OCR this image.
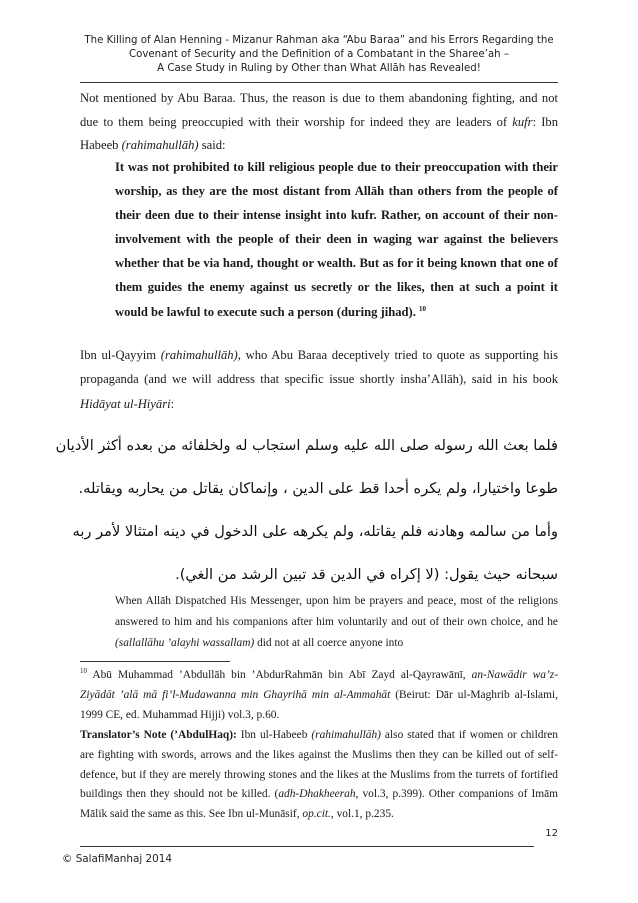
The Killing of Alan Henning - Mizanur Rahman aka “Abu Baraa” and his Errors Regarding the
Covenant of Security and the Definition of a Combatant in the Sharee’ah –
A Case Study in Ruling by Other than What Allāh has Revealed!
Not mentioned by Abu Baraa. Thus, the reason is due to them abandoning fighting, and not due to them being preoccupied with their worship for indeed they are leaders of kufr: Ibn Habeeb (rahimahullāh) said:
It was not prohibited to kill religious people due to their preoccupation with their worship, as they are the most distant from Allāh than others from the people of their deen due to their intense insight into kufr. Rather, on account of their non-involvement with the people of their deen in waging war against the believers whether that be via hand, thought or wealth. But as for it being known that one of them guides the enemy against us secretly or the likes, then at such a point it would be lawful to execute such a person (during jihad). $^{10}$
Ibn ul-Qayyim (rahimahullāh), who Abu Baraa deceptively tried to quote as supporting his propaganda (and we will address that specific issue shortly insha’Allāh), said in his book Hidāyat ul-Hiyāri:
فلما بعث الله رسوله صلى الله عليه وسلم استجاب له ولخلفائه من بعده أكثر الأديان
طوعا واختيارا، ولم يكره أحدا قط على الدين ، وإنماكان يقاتل من يحاربه ويقاتله.
وأما من سالمه وهادنه فلم يقاتله، ولم يكرهه على الدخول في دينه امتثالا لأمر ربه
سبحانه حيث يقول: (لا إكراه في الدين قد تبين الرشد من الغي).
When Allāh Dispatched His Messenger, upon him be prayers and peace, most of the religions answered to him and his companions after him voluntarily and out of their own choice, and he (sallallāhu ’alayhi wassallam) did not at all coerce anyone into
$^{10}$ Abū Muhammad ’Abdullāh bin ’AbdurRahmān bin Abī Zayd al-Qayrawānī, an-Nawādir wa’z-Ziyādāt ’alā mā fi’l-Mudawanna min Ghayrihā min al-Ammahāt (Beirut: Dār ul-Maghrib al-Islami, 1999 CE, ed. Muhammad Hijji) vol.3, p.60.
Translator’s Note (’AbdulHaq): Ibn ul-Habeeb (rahimahullāh) also stated that if women or children are fighting with swords, arrows and the likes against the Muslims then they can be killed out of self-defence, but if they are merely throwing stones and the likes at the Muslims from the turrets of fortified buildings then they should not be killed. (adh-Dhakheerah, vol.3, p.399). Other companions of Imām Mālik said the same as this. See Ibn ul-Munāsif, op.cit., vol.1, p.235.
12
© SalafiManhaj 2014
